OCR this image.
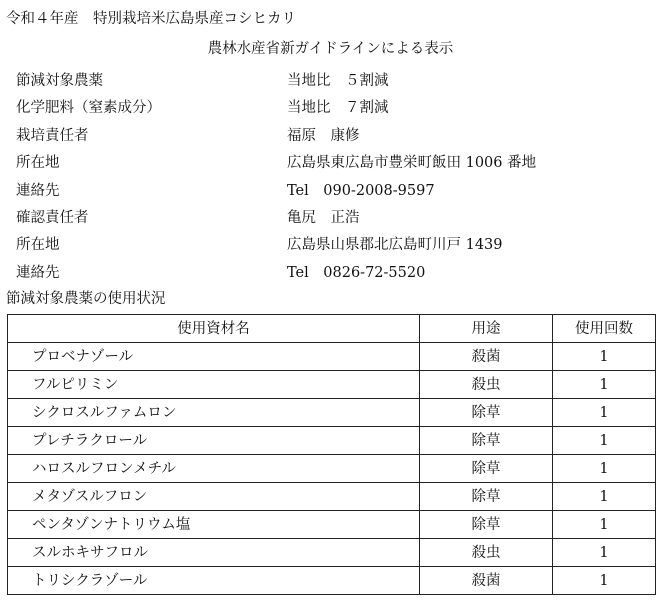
令和４年産　特別栽培米広島県産コシヒカリ
農林水産省新ガイドラインによる表示
節減対象農薬	当地比　５割減
化学肥料（窒素成分）	当地比　７割減
栽培責任者	福原　康修
所在地	広島県東広島市豊栄町飯田 1006 番地
連絡先	Tel　090-2008-9597
確認責任者	亀尻　正浩
所在地	広島県山県郡北広島町川戸 1439
連絡先	Tel　0826-72-5520
節減対象農薬の使用状況
使用資材名	用途	使用回数
プロベナゾール	殺菌	1
フルピリミン	殺虫	1
シクロスルファムロン	除草	1
プレチラクロール	除草	1
ハロスルフロンメチル	除草	1
メタゾスルフロン	除草	1
ペンタゾンナトリウム塩	除草	1
スルホキサフロル	殺虫	1
トリシクラゾール	殺菌	1
